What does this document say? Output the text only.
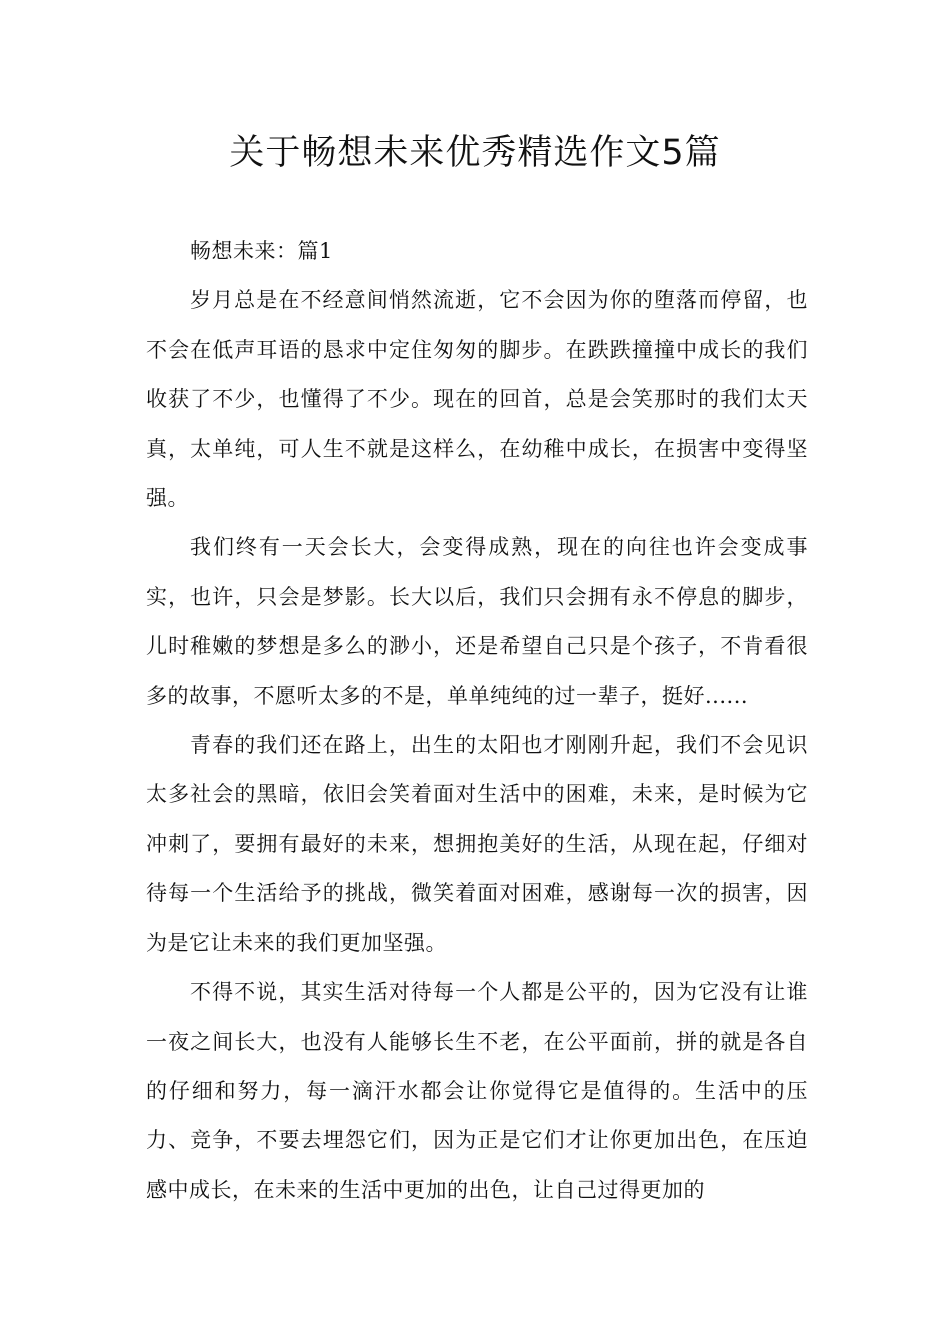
关于畅想未来优秀精选作文5篇

畅想未来：篇1

岁月总是在不经意间悄然流逝，它不会因为你的堕落而停留，也不会在低声耳语的恳求中定住匆匆的脚步。在跌跌撞撞中成长的我们收获了不少，也懂得了不少。现在的回首，总是会笑那时的我们太天真，太单纯，可人生不就是这样么，在幼稚中成长，在损害中变得坚强。

我们终有一天会长大，会变得成熟，现在的向往也许会变成事实，也许，只会是梦影。长大以后，我们只会拥有永不停息的脚步，儿时稚嫩的梦想是多么的渺小，还是希望自己只是个孩子，不肯看很多的故事，不愿听太多的不是，单单纯纯的过一辈子，挺好......

青春的我们还在路上，出生的太阳也才刚刚升起，我们不会见识太多社会的黑暗，依旧会笑着面对生活中的困难，未来，是时候为它冲刺了，要拥有最好的未来，想拥抱美好的生活，从现在起，仔细对待每一个生活给予的挑战，微笑着面对困难，感谢每一次的损害，因为是它让未来的我们更加坚强。

不得不说，其实生活对待每一个人都是公平的，因为它没有让谁一夜之间长大，也没有人能够长生不老，在公平面前，拼的就是各自的仔细和努力，每一滴汗水都会让你觉得它是值得的。生活中的压力、竞争，不要去埋怨它们，因为正是它们才让你更加出色，在压迫感中成长，在未来的生活中更加的出色，让自己过得更加的
